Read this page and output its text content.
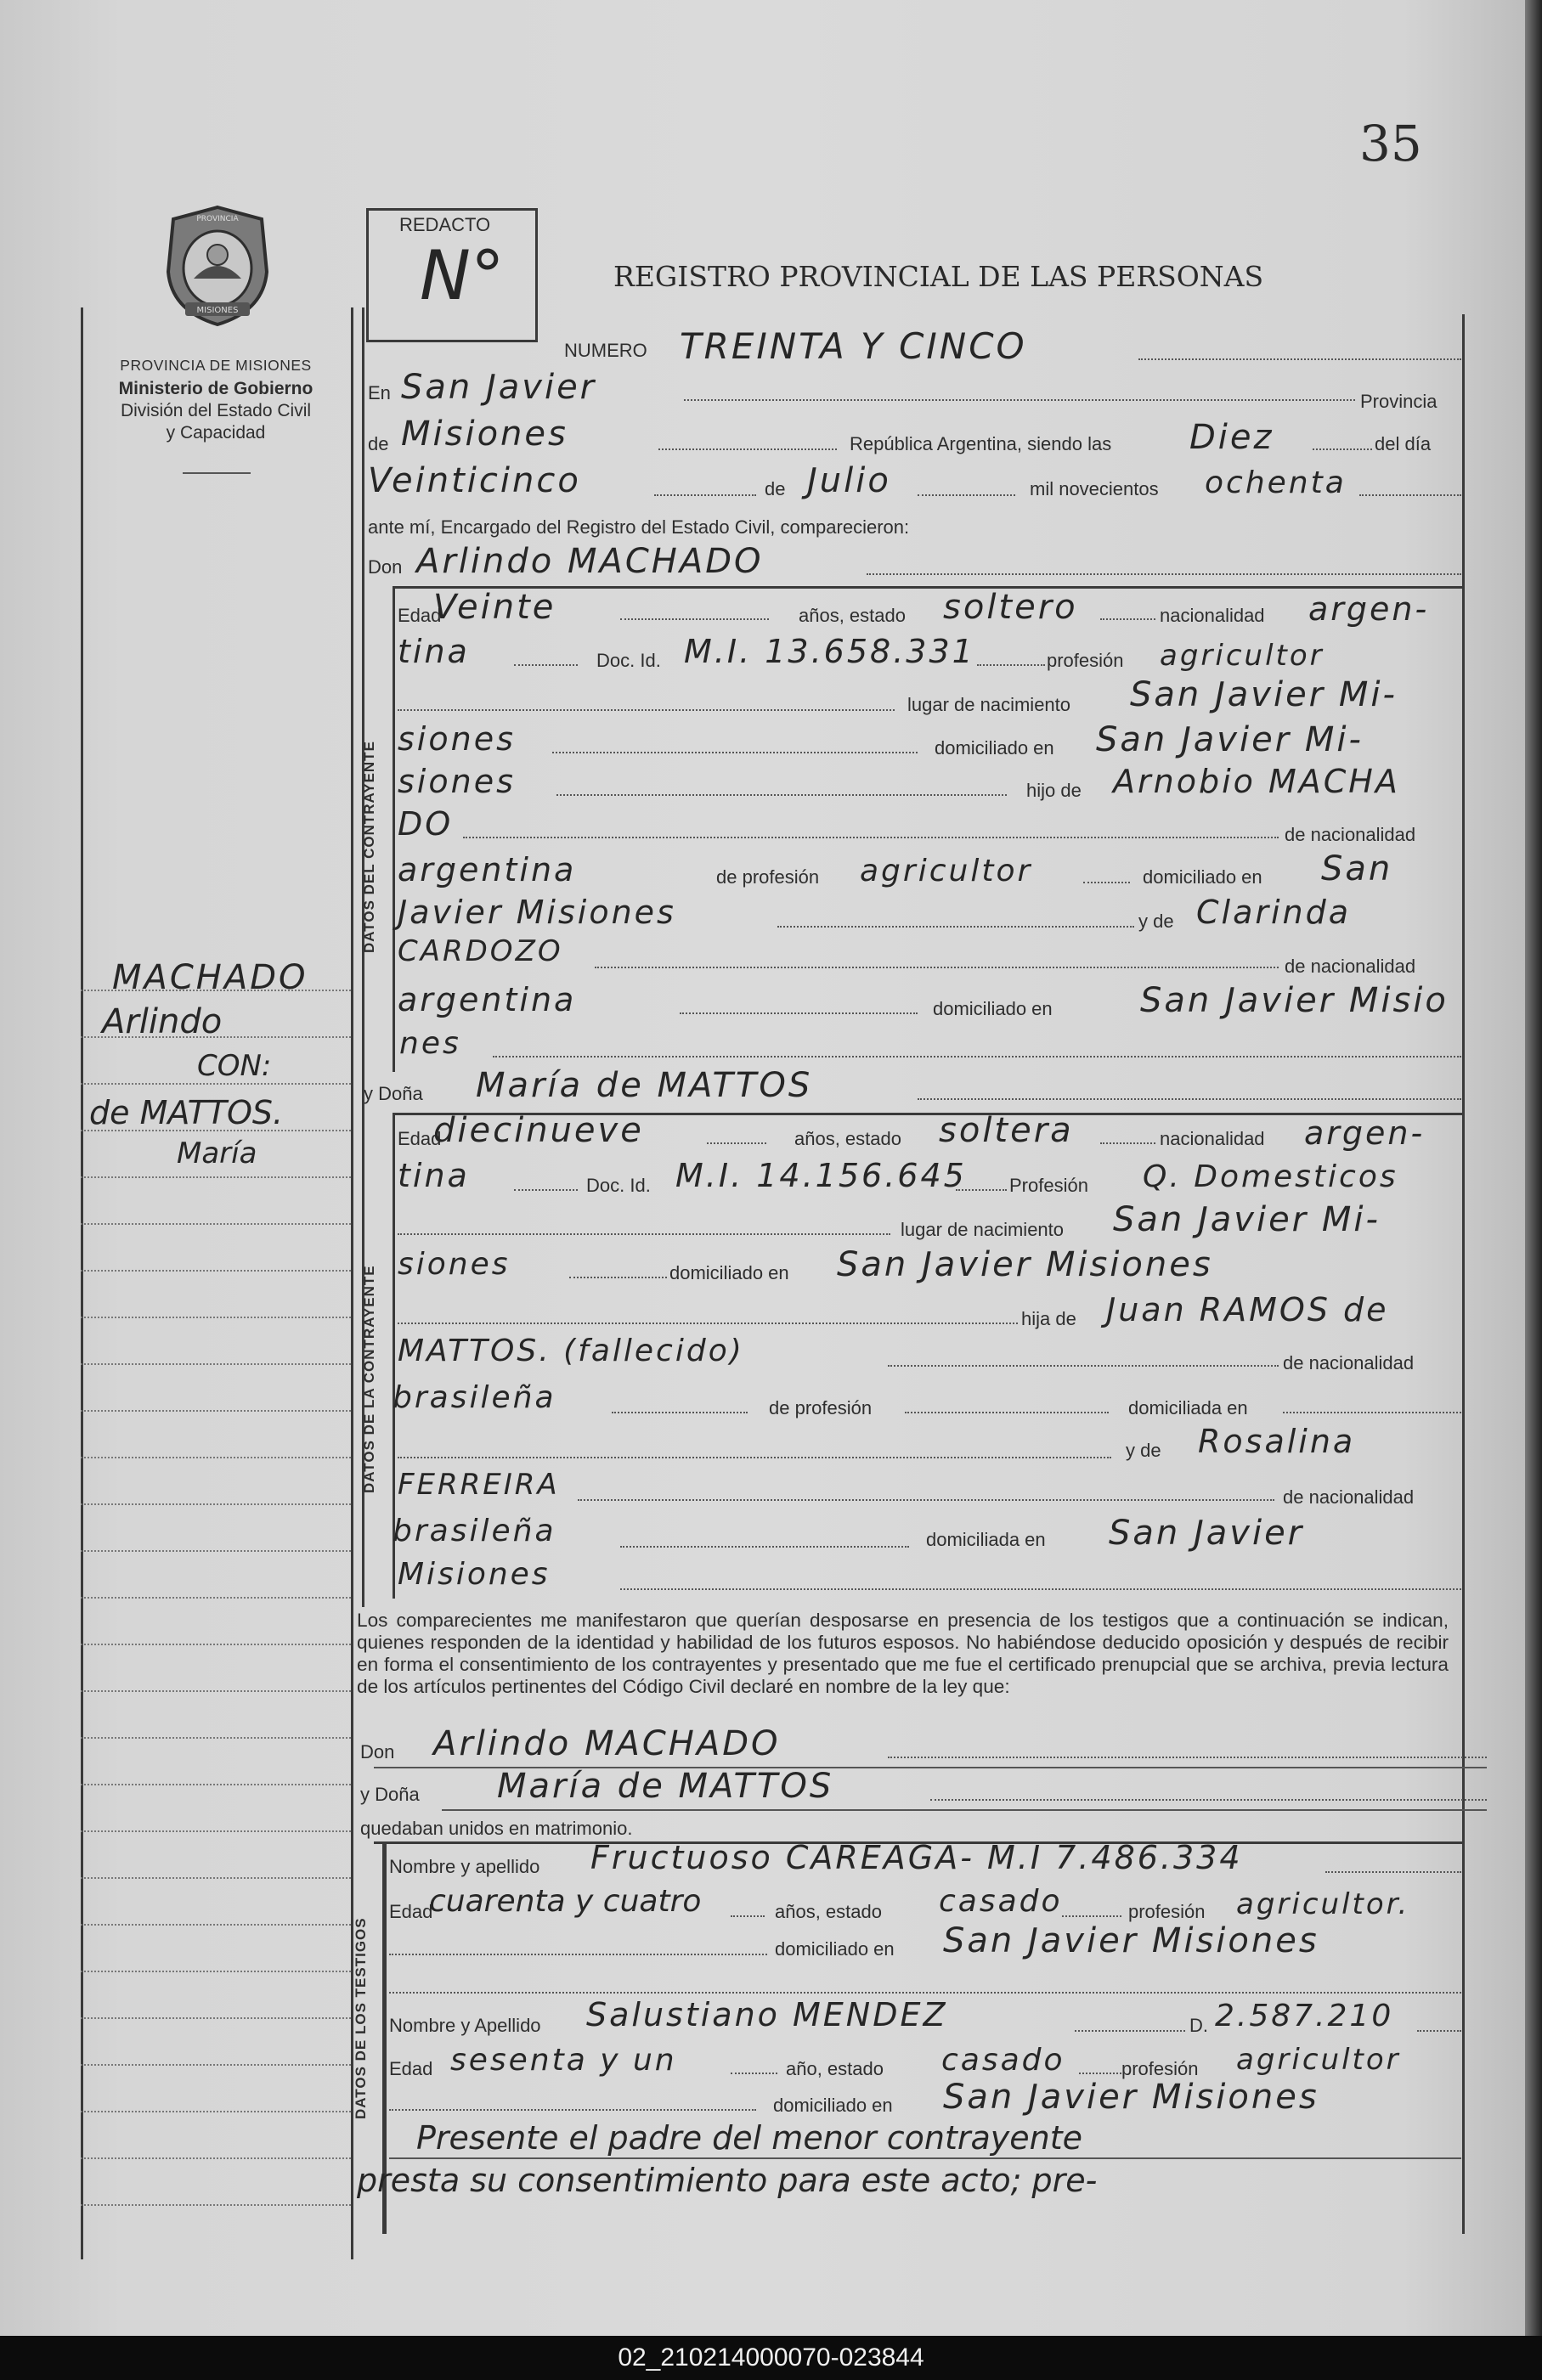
35
MISIONES
PROVINCIA
PROVINCIA DE MISIONES
Ministerio de Gobierno
División del Estado Civil
y Capacidad
MACHADO
Arlindo
CON:
de MATTOS.
María
REDACTO
N°	REGISTRO PROVINCIAL DE LAS PERSONAS
NUMERO TREINTA Y CINCO
En San Javier	Provincia
de Misiones	República Argentina, siendo las Diez	del día
Veinticinco	de Julio	mil novecientos ochenta
ante mí, Encargado del Registro del Estado Civil, comparecieron:
Don Arlindo MACHADO
DATOS DEL CONTRAYENTE
Edad
Veinte	años, estado soltero	nacionalidad argen-
tina	Doc. Id. M.I. 13.658.331	profesión agricultor
lugar de nacimiento San Javier Mi-
siones	domiciliado en San Javier Mi-
siones	hijo de Arnobio MACHA
DO	de nacionalidad
argentina	de profesión agricultor	domiciliado en San
Javier Misiones	y de Clarinda
CARDOZO	de nacionalidad
argentina	domiciliado en	San Javier Misio
nes
y Doña María de MATTOS
DATOS DE LA CONTRAYENTE
Edad
diecinueve	años, estado soltera	nacionalidad argen-
tina	Doc. Id. M.I. 14.156.645 Profesión Q. Domesticos
lugar de nacimiento San Javier Mi-
siones	domiciliado en San Javier Misiones
hija de Juan RAMOS de
MATTOS. (fallecido)	de nacionalidad
brasileña	de profesión	domiciliada en
y de Rosalina
FERREIRA	de nacionalidad
brasileña	domiciliada en San Javier
Misiones
Los comparecientes me manifestaron que querían desposarse en presencia de los testigos que a continuación se indican, quienes responden de la identidad y habilidad de los futuros esposos. No habiéndose deducido oposición y después de recibir en forma el consentimiento de los contrayentes y presentado que me fue el certificado prenupcial que se archiva, previa lectura de los artículos pertinentes del Código Civil declaré en nombre de la ley que:
Don Arlindo MACHADO
y Doña María de MATTOS
quedaban unidos en matrimonio.
DATOS DE LOS TESTIGOS
Nombre y apellido Fructuoso CAREAGA- M.I 7.486.334
Edad
cuarenta y cuatro	años, estado casado	profesión agricultor.
domiciliado en San Javier Misiones
Nombre y Apellido Salustiano MENDEZ	D. 2.587.210
Edad sesenta y un	año, estado casado	profesión agricultor
domiciliado en San Javier Misiones
Presente el padre del menor contrayente
presta su consentimiento para este acto; pre-
02_210214000070-023844
